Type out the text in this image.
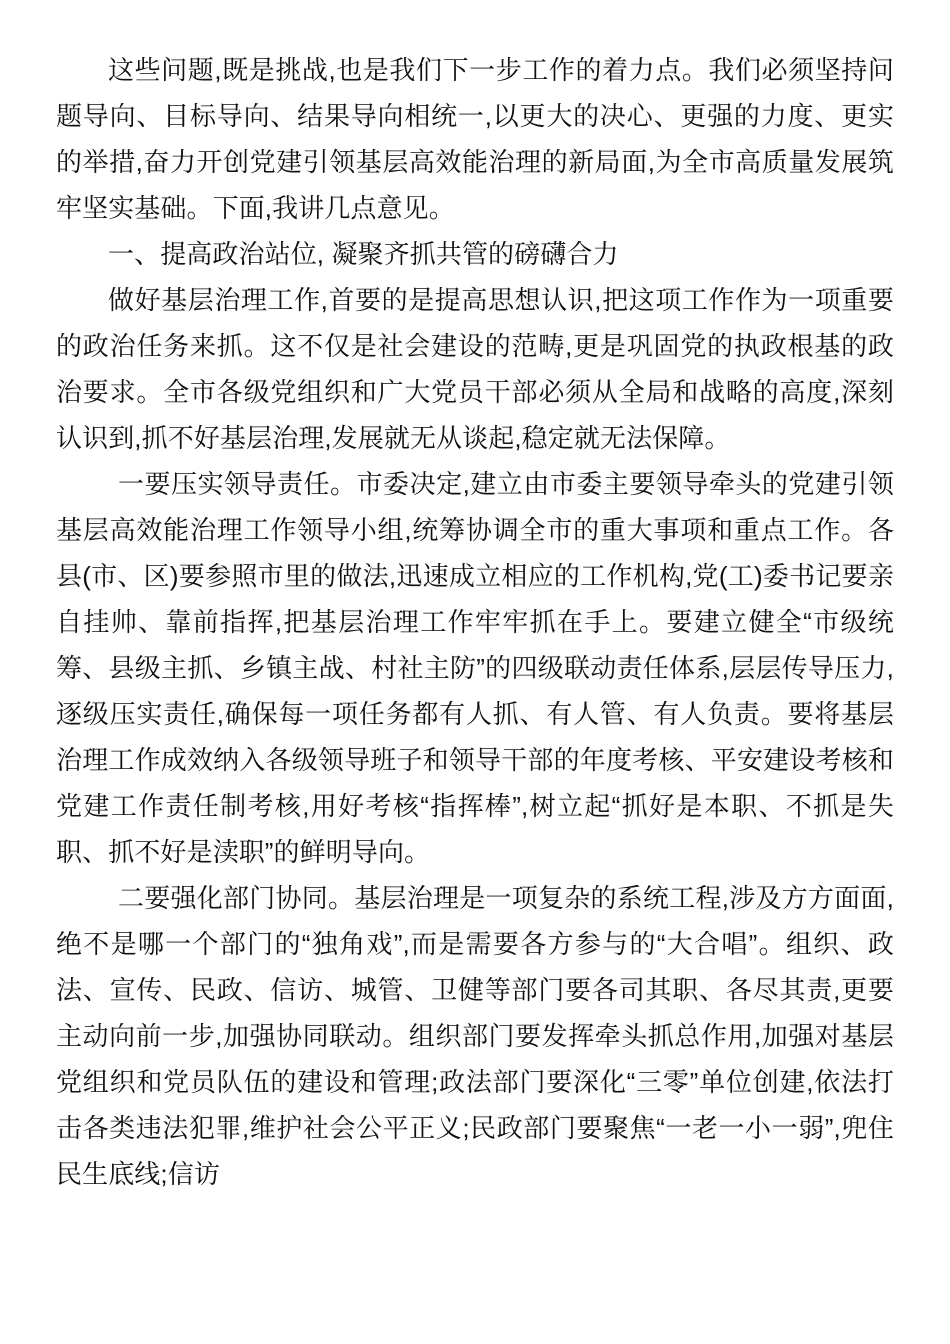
这些问题,既是挑战,也是我们下一步工作的着力点。我们必须坚持问题导向、目标导向、结果导向相统一,以更大的决心、更强的力度、更实的举措,奋力开创党建引领基层高效能治理的新局面,为全市高质量发展筑牢坚实基础。下面,我讲几点意见。

一、提高政治站位, 凝聚齐抓共管的磅礴合力

做好基层治理工作,首要的是提高思想认识,把这项工作作为一项重要的政治任务来抓。这不仅是社会建设的范畴,更是巩固党的执政根基的政治要求。全市各级党组织和广大党员干部必须从全局和战略的高度,深刻认识到,抓不好基层治理,发展就无从谈起,稳定就无法保障。

一要压实领导责任。市委决定,建立由市委主要领导牵头的党建引领基层高效能治理工作领导小组,统筹协调全市的重大事项和重点工作。各县(市、区)要参照市里的做法,迅速成立相应的工作机构,党(工)委书记要亲自挂帅、靠前指挥,把基层治理工作牢牢抓在手上。要建立健全“市级统筹、县级主抓、乡镇主战、村社主防”的四级联动责任体系,层层传导压力,逐级压实责任,确保每一项任务都有人抓、有人管、有人负责。要将基层治理工作成效纳入各级领导班子和领导干部的年度考核、平安建设考核和党建工作责任制考核,用好考核“指挥棒”,树立起“抓好是本职、不抓是失职、抓不好是渎职”的鲜明导向。

二要强化部门协同。基层治理是一项复杂的系统工程,涉及方方面面,绝不是哪一个部门的“独角戏”,而是需要各方参与的“大合唱”。组织、政法、宣传、民政、信访、城管、卫健等部门要各司其职、各尽其责,更要主动向前一步,加强协同联动。组织部门要发挥牵头抓总作用,加强对基层党组织和党员队伍的建设和管理;政法部门要深化“三零”单位创建,依法打击各类违法犯罪,维护社会公平正义;民政部门要聚焦“一老一小一弱”,兜住民生底线;信访
